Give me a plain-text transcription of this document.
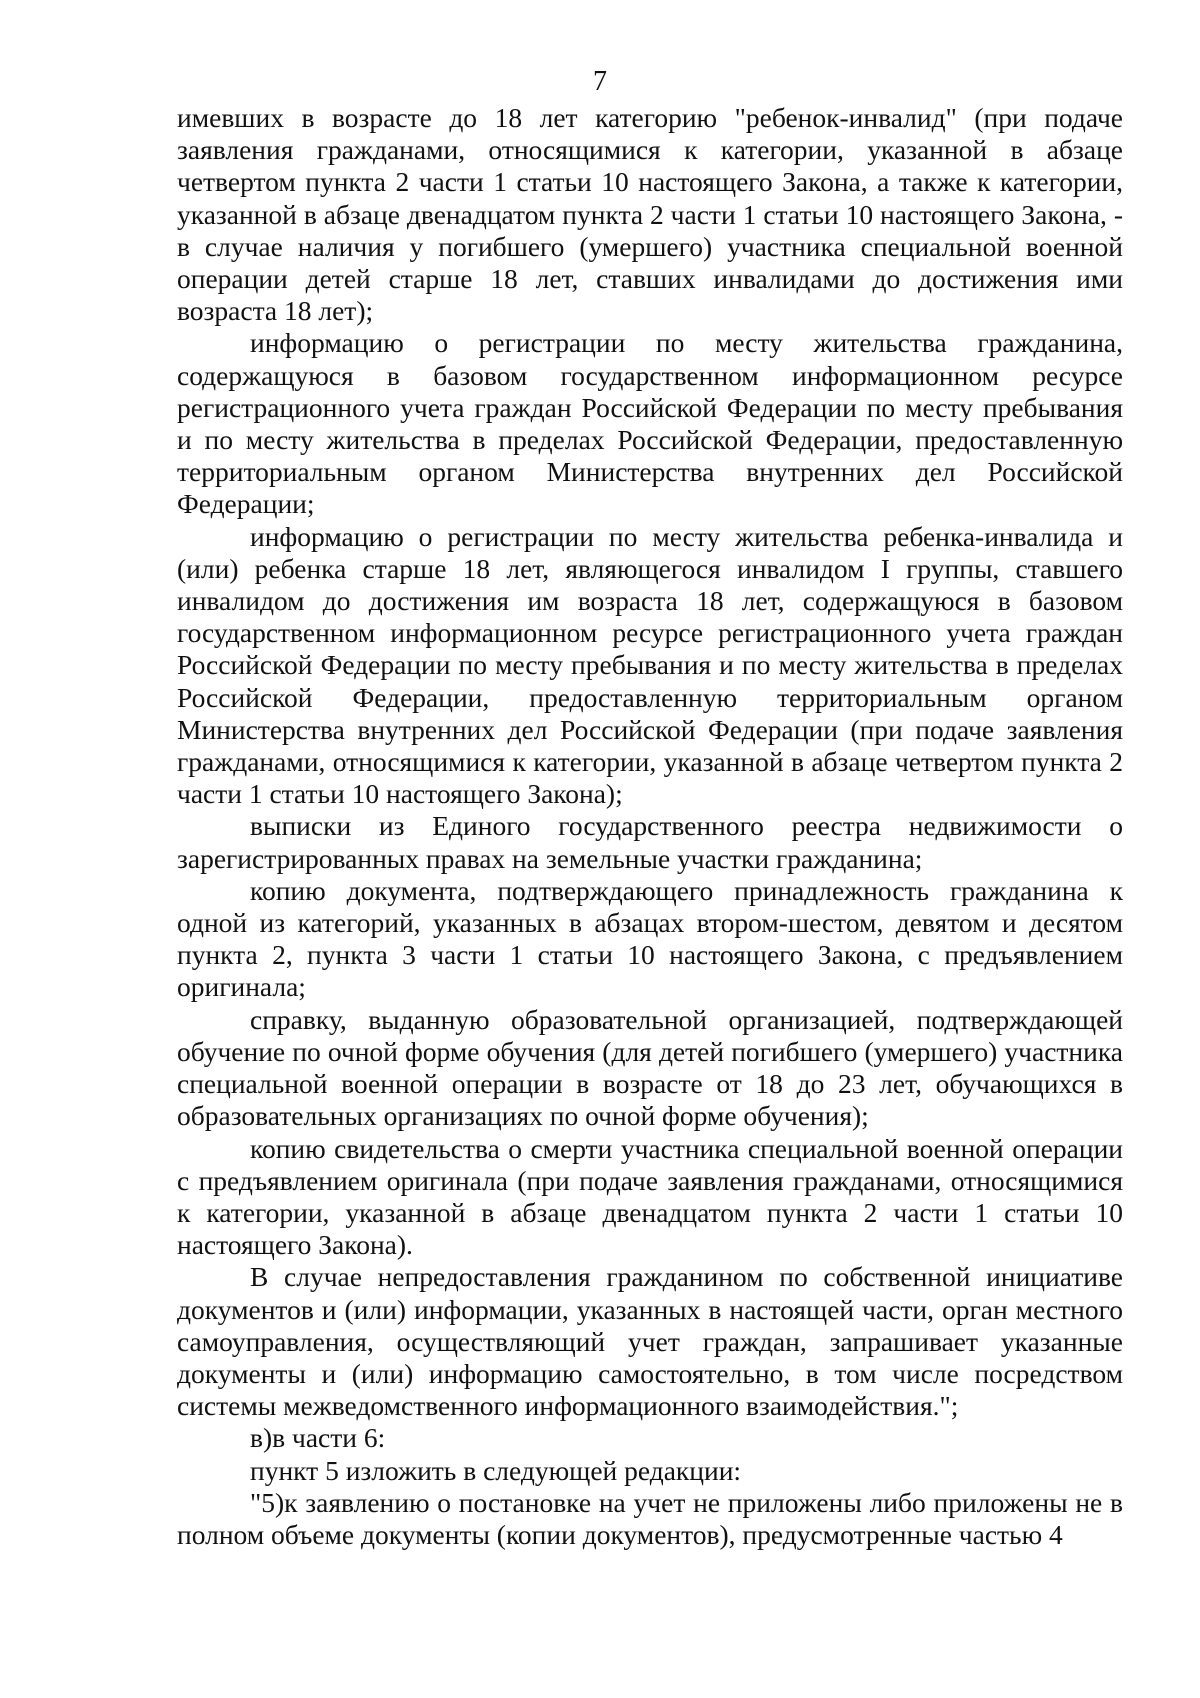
7

имевших в возрасте до 18 лет категорию "ребенок-инвалид" (при подаче заявления гражданами, относящимися к категории, указанной в абзаце четвертом пункта 2 части 1 статьи 10 настоящего Закона, а также к категории, указанной в абзаце двенадцатом пункта 2 части 1 статьи 10 настоящего Закона, - в случае наличия у погибшего (умершего) участника специальной военной операции детей старше 18 лет, ставших инвалидами до достижения ими возраста 18 лет);

информацию о регистрации по месту жительства гражданина, содержащуюся в базовом государственном информационном ресурсе регистрационного учета граждан Российской Федерации по месту пребывания и по месту жительства в пределах Российской Федерации, предоставленную территориальным органом Министерства внутренних дел Российской Федерации;

информацию о регистрации по месту жительства ребенка-инвалида и (или) ребенка старше 18 лет, являющегося инвалидом I группы, ставшего инвалидом до достижения им возраста 18 лет, содержащуюся в базовом государственном информационном ресурсе регистрационного учета граждан Российской Федерации по месту пребывания и по месту жительства в пределах Российской Федерации, предоставленную территориальным органом Министерства внутренних дел Российской Федерации (при подаче заявления гражданами, относящимися к категории, указанной в абзаце четвертом пункта 2 части 1 статьи 10 настоящего Закона);

выписки из Единого государственного реестра недвижимости о зарегистрированных правах на земельные участки гражданина;

копию документа, подтверждающего принадлежность гражданина к одной из категорий, указанных в абзацах втором-шестом, девятом и десятом пункта 2, пункта 3 части 1 статьи 10 настоящего Закона, с предъявлением оригинала;

справку, выданную образовательной организацией, подтверждающей обучение по очной форме обучения (для детей погибшего (умершего) участника специальной военной операции в возрасте от 18 до 23 лет, обучающихся в образовательных организациях по очной форме обучения);

копию свидетельства о смерти участника специальной военной операции с предъявлением оригинала (при подаче заявления гражданами, относящимися к категории, указанной в абзаце двенадцатом пункта 2 части 1 статьи 10 настоящего Закона).

В случае непредоставления гражданином по собственной инициативе документов и (или) информации, указанных в настоящей части, орган местного самоуправления, осуществляющий учет граждан, запрашивает указанные документы и (или) информацию самостоятельно, в том числе посредством системы межведомственного информационного взаимодействия.";

в)в части 6:

пункт 5 изложить в следующей редакции:

"5)к заявлению о постановке на учет не приложены либо приложены не в полном объеме документы (копии документов), предусмотренные частью 4
